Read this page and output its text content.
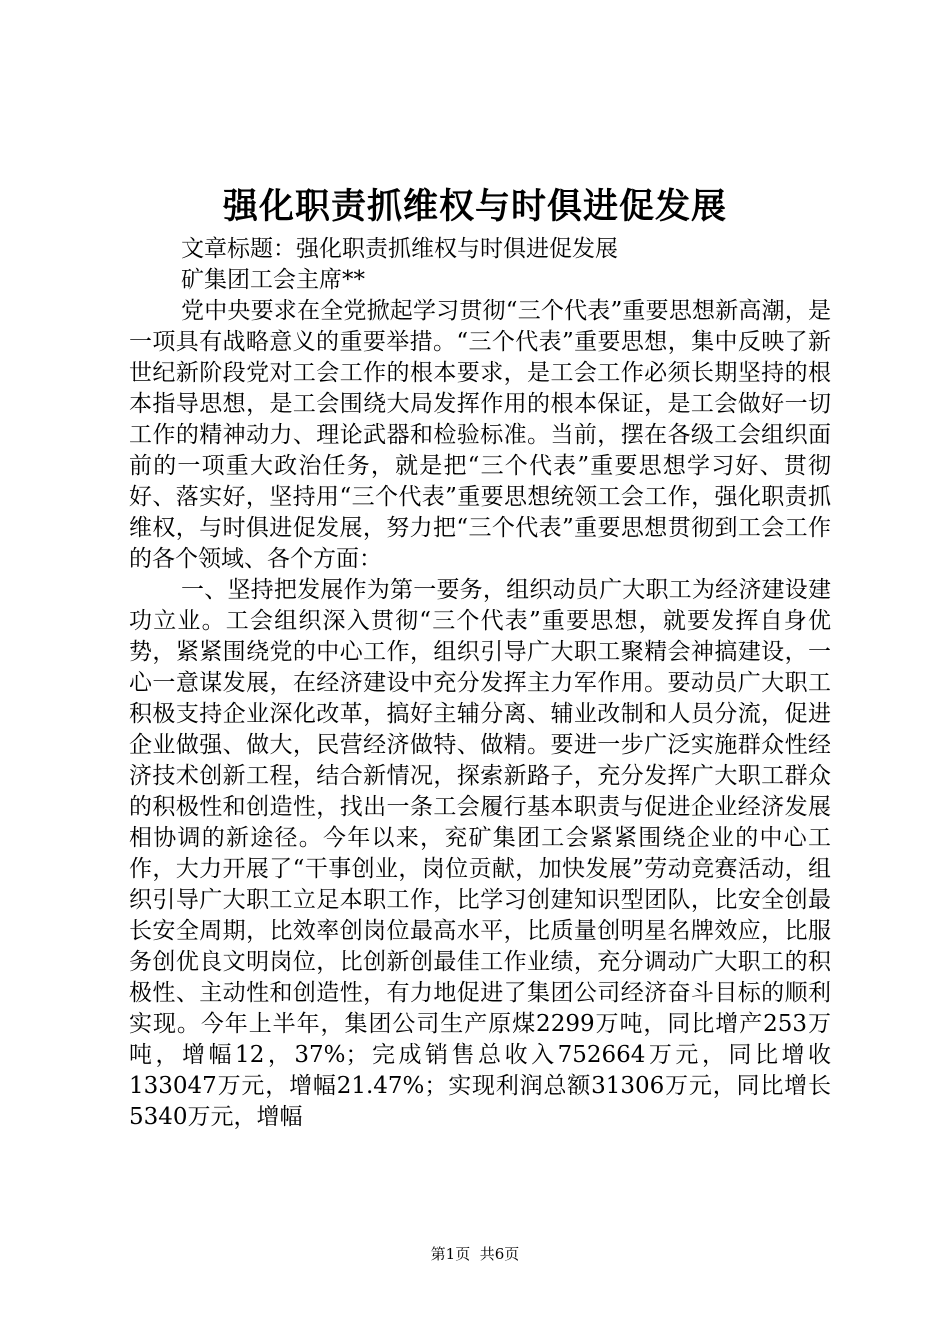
强化职责抓维权与时俱进促发展

文章标题：强化职责抓维权与时俱进促发展

矿集团工会主席**

党中央要求在全党掀起学习贯彻“三个代表”重要思想新高潮，是一项具有战略意义的重要举措。“三个代表”重要思想，集中反映了新世纪新阶段党对工会工作的根本要求，是工会工作必须长期坚持的根本指导思想，是工会围绕大局发挥作用的根本保证，是工会做好一切工作的精神动力、理论武器和检验标准。当前，摆在各级工会组织面前的一项重大政治任务，就是把“三个代表”重要思想学习好、贯彻好、落实好，坚持用“三个代表”重要思想统领工会工作，强化职责抓维权，与时俱进促发展，努力把“三个代表”重要思想贯彻到工会工作的各个领域、各个方面：

一、坚持把发展作为第一要务，组织动员广大职工为经济建设建功立业。工会组织深入贯彻“三个代表”重要思想，就要发挥自身优势，紧紧围绕党的中心工作，组织引导广大职工聚精会神搞建设，一心一意谋发展，在经济建设中充分发挥主力军作用。要动员广大职工积极支持企业深化改革，搞好主辅分离、辅业改制和人员分流，促进企业做强、做大，民营经济做特、做精。要进一步广泛实施群众性经济技术创新工程，结合新情况，探索新路子，充分发挥广大职工群众的积极性和创造性，找出一条工会履行基本职责与促进企业经济发展相协调的新途径。今年以来，兖矿集团工会紧紧围绕企业的中心工作，大力开展了“干事创业，岗位贡献，加快发展”劳动竞赛活动，组织引导广大职工立足本职工作，比学习创建知识型团队，比安全创最长安全周期，比效率创岗位最高水平，比质量创明星名牌效应，比服务创优良文明岗位，比创新创最佳工作业绩，充分调动广大职工的积极性、主动性和创造性，有力地促进了集团公司经济奋斗目标的顺利实现。今年上半年，集团公司生产原煤2299万吨，同比增产253万吨，增幅12，37%；完成销售总收入752664万元，同比增收133047万元，增幅21.47%；实现利润总额31306万元，同比增长5340万元，增幅

第1页 共6页
